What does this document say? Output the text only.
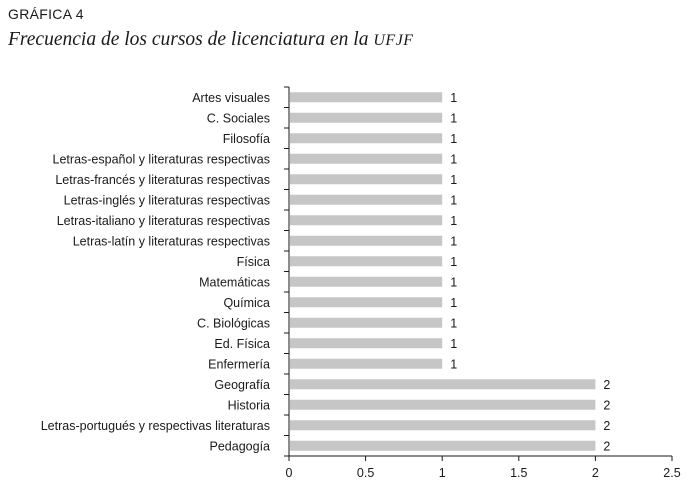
GRÁFICA 4
Frecuencia de los cursos de licenciatura en la UFJF
Artes visuales	1
C. Sociales	1
Filosofía	1
Letras-español y literaturas respectivas	1
Letras-francés y literaturas respectivas	1
Letras-inglés y literaturas respectivas	1
Letras-italiano y literaturas respectivas	1
Letras-latín y literaturas respectivas	1
Física	1
Matemáticas	1
Química	1
C. Biológicas	1
Ed. Física	1
Enfermería	1
Geografía	2
Historia	2
Letras-portugués y respectivas literaturas	2
Pedagogía	2
0	0.5	1	1.5	2	2.5
